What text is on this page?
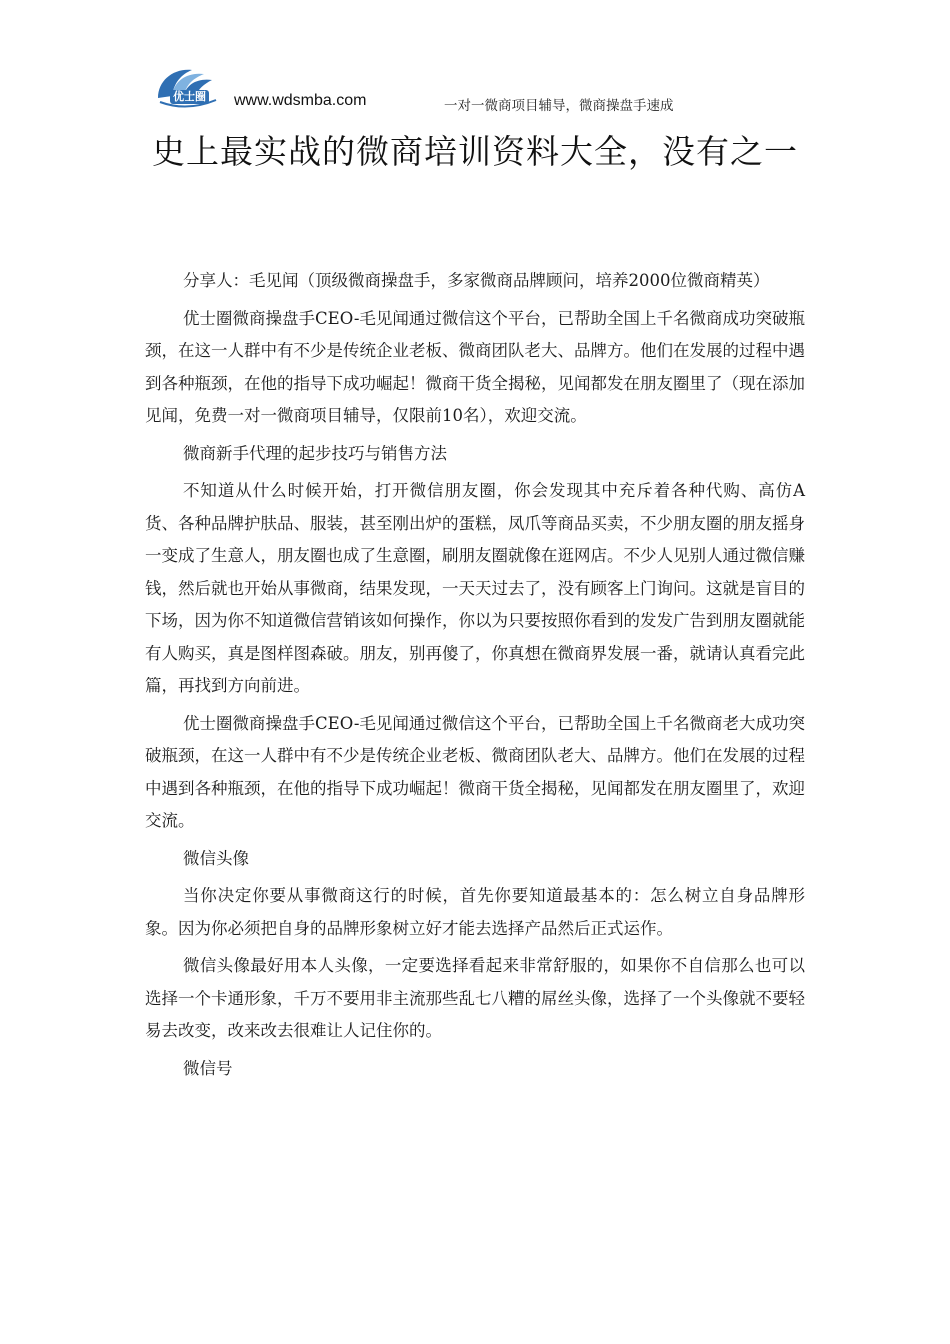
优士圈 www.wdsmba.com	一对一微商项目辅导，微商操盘手速成
史上最实战的微商培训资料大全，没有之一

分享人：毛见闻（顶级微商操盘手，多家微商品牌顾问，培养2000位微商精英）

优士圈微商操盘手CEO-毛见闻通过微信这个平台，已帮助全国上千名微商成功突破瓶颈，在这一人群中有不少是传统企业老板、微商团队老大、品牌方。他们在发展的过程中遇到各种瓶颈，在他的指导下成功崛起！微商干货全揭秘，见闻都发在朋友圈里了（现在添加见闻，免费一对一微商项目辅导，仅限前10名），欢迎交流。

微商新手代理的起步技巧与销售方法

不知道从什么时候开始，打开微信朋友圈，你会发现其中充斥着各种代购、高仿A货、各种品牌护肤品、服装，甚至刚出炉的蛋糕，凤爪等商品买卖，不少朋友圈的朋友摇身一变成了生意人，朋友圈也成了生意圈，刷朋友圈就像在逛网店。不少人见别人通过微信赚钱，然后就也开始从事微商，结果发现，一天天过去了，没有顾客上门询问。这就是盲目的下场，因为你不知道微信营销该如何操作，你以为只要按照你看到的发发广告到朋友圈就能有人购买，真是图样图森破。朋友，别再傻了，你真想在微商界发展一番，就请认真看完此篇，再找到方向前进。

优士圈微商操盘手CEO-毛见闻通过微信这个平台，已帮助全国上千名微商老大成功突破瓶颈，在这一人群中有不少是传统企业老板、微商团队老大、品牌方。他们在发展的过程中遇到各种瓶颈，在他的指导下成功崛起！微商干货全揭秘，见闻都发在朋友圈里了，欢迎交流。

微信头像

当你决定你要从事微商这行的时候，首先你要知道最基本的：怎么树立自身品牌形象。因为你必须把自身的品牌形象树立好才能去选择产品然后正式运作。

微信头像最好用本人头像，一定要选择看起来非常舒服的，如果你不自信那么也可以选择一个卡通形象，千万不要用非主流那些乱七八糟的屌丝头像，选择了一个头像就不要轻易去改变，改来改去很难让人记住你的。

微信号
